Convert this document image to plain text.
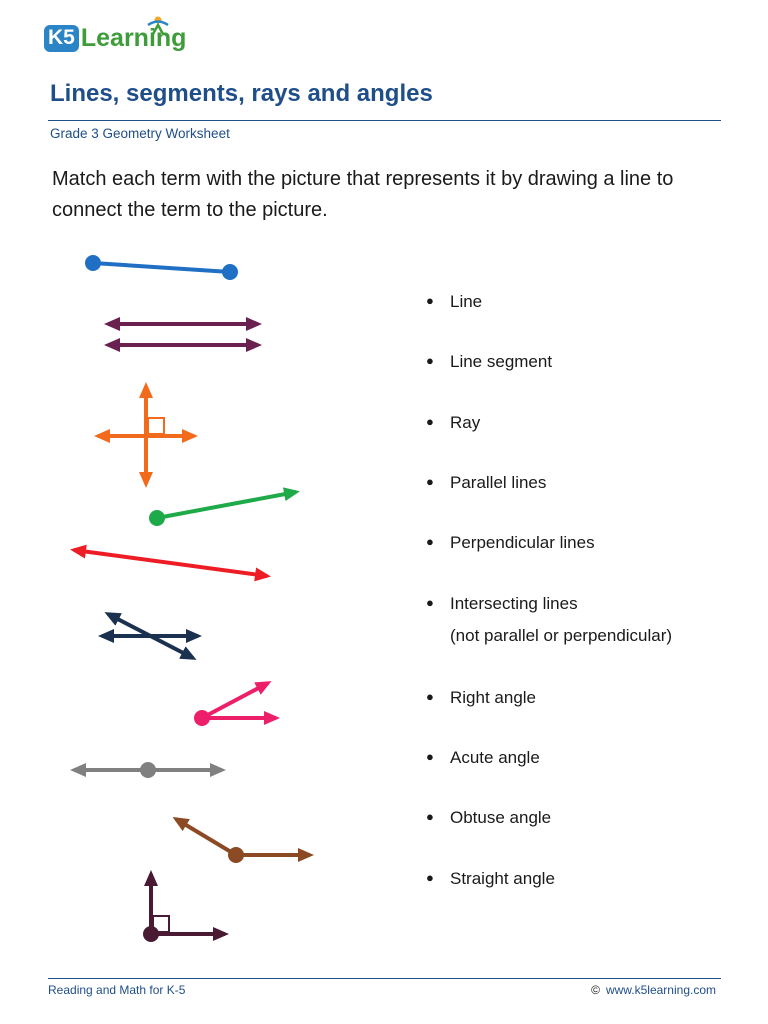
K5 Learning
Lines, segments, rays and angles
Grade 3 Geometry Worksheet
Match each term with the picture that represents it by drawing a line to connect the term to the picture.
● Line
● Line segment
● Ray
● Parallel lines
● Perpendicular lines
● Intersecting lines
(not parallel or perpendicular)
● Right angle
● Acute angle
● Obtuse angle
● Straight angle
Reading and Math for K-5	© www.k5learning.com
